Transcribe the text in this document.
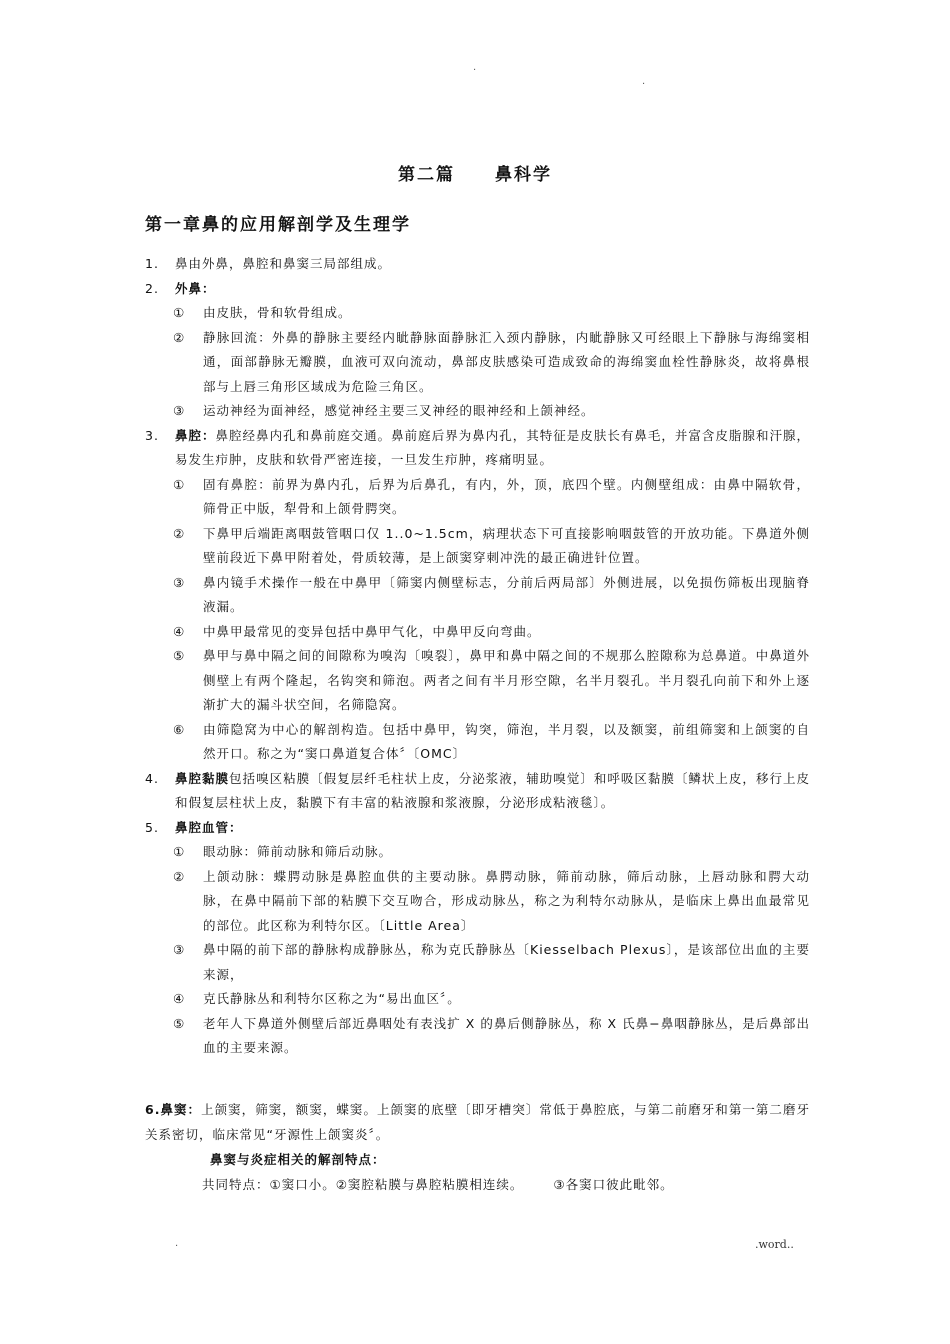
.
.
第二篇 鼻科学
第一章鼻的应用解剖学及生理学
1. 鼻由外鼻，鼻腔和鼻窦三局部组成。
2. 外鼻：
① 由皮肤，骨和软骨组成。
② 静脉回流：外鼻的静脉主要经内眦静脉面静脉汇入颈内静脉，内眦静脉又可经眼上下静脉与海绵窦相通，面部静脉无瓣膜，血液可双向流动，鼻部皮肤感染可造成致命的海绵窦血栓性静脉炎，故将鼻根部与上唇三角形区域成为危险三角区。
③ 运动神经为面神经，感觉神经主要三叉神经的眼神经和上颌神经。
3. 鼻腔：鼻腔经鼻内孔和鼻前庭交通。鼻前庭后界为鼻内孔，其特征是皮肤长有鼻毛，并富含皮脂腺和汗腺，易发生疖肿，皮肤和软骨严密连接，一旦发生疖肿，疼痛明显。
① 固有鼻腔：前界为鼻内孔，后界为后鼻孔，有内，外，顶，底四个壁。内侧壁组成：由鼻中隔软骨，筛骨正中版，犁骨和上颌骨腭突。
② 下鼻甲后端距离咽鼓管咽口仅 1..0~1.5cm，病理状态下可直接影响咽鼓管的开放功能。下鼻道外侧壁前段近下鼻甲附着处，骨质较薄，是上颌窦穿刺冲洗的最正确进针位置。
③ 鼻内镜手术操作一般在中鼻甲〔筛窦内侧壁标志，分前后两局部〕外侧进展，以免损伤筛板出现脑脊液漏。
④ 中鼻甲最常见的变异包括中鼻甲气化，中鼻甲反向弯曲。
⑤ 鼻甲与鼻中隔之间的间隙称为嗅沟〔嗅裂〕，鼻甲和鼻中隔之间的不规那么腔隙称为总鼻道。中鼻道外侧壁上有两个隆起，名钩突和筛泡。两者之间有半月形空隙，名半月裂孔。半月裂孔向前下和外上逐渐扩大的漏斗状空间，名筛隐窝。
⑥ 由筛隐窝为中心的解剖构造。包括中鼻甲，钩突，筛泡，半月裂，以及额窦，前组筛窦和上颌窦的自然开口。称之为“窦口鼻道复合体〞〔OMC〕
4. 鼻腔黏膜包括嗅区粘膜〔假复层纤毛柱状上皮，分泌浆液，辅助嗅觉〕和呼吸区黏膜〔鳞状上皮，移行上皮和假复层柱状上皮，黏膜下有丰富的粘液腺和浆液腺，分泌形成粘液毯〕。
5. 鼻腔血管：
① 眼动脉：筛前动脉和筛后动脉。
② 上颌动脉：蝶腭动脉是鼻腔血供的主要动脉。鼻腭动脉，筛前动脉，筛后动脉，上唇动脉和腭大动脉，在鼻中隔前下部的粘膜下交互吻合，形成动脉丛，称之为利特尔动脉从，是临床上鼻出血最常见的部位。此区称为利特尔区。〔Little Area〕
③ 鼻中隔的前下部的静脉构成静脉丛，称为克氏静脉丛〔Kiesselbach Plexus〕，是该部位出血的主要来源，
④ 克氏静脉丛和利特尔区称之为“易出血区〞。
⑤ 老年人下鼻道外侧壁后部近鼻咽处有表浅扩 X 的鼻后侧静脉丛，称 X 氏鼻−鼻咽静脉丛，是后鼻部出血的主要来源。
6.鼻窦：上颌窦，筛窦，额窦，蝶窦。上颌窦的底壁〔即牙槽突〕常低于鼻腔底，与第二前磨牙和第一第二磨牙关系密切，临床常见“牙源性上颌窦炎〞。
鼻窦与炎症相关的解剖特点：
共同特点：①窦口小。②窦腔粘膜与鼻腔粘膜相连续。 ③各窦口彼此毗邻。
.	.word..
